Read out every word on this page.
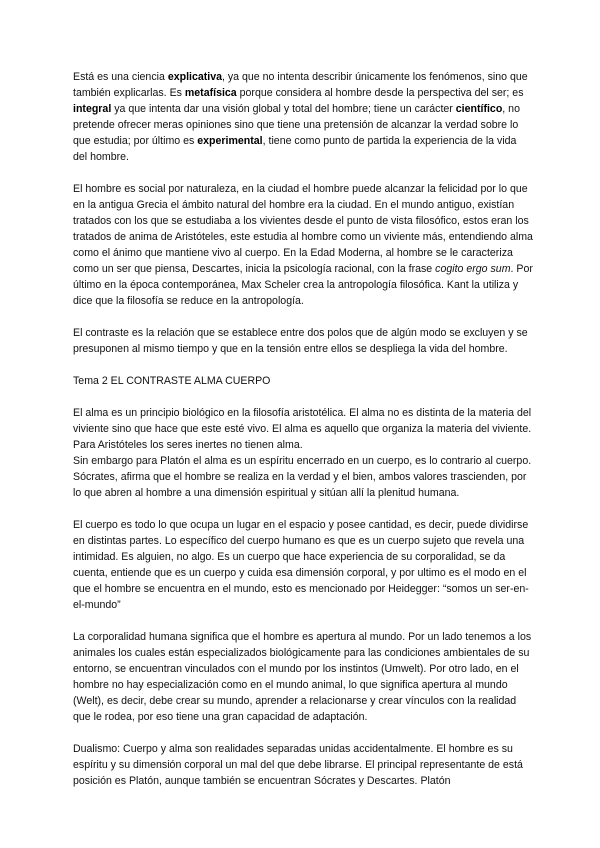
Está es una ciencia explicativa, ya que no intenta describir únicamente los fenómenos, sino que también explicarlas. Es metafísica porque considera al hombre desde la perspectiva del ser; es integral ya que intenta dar una visión global y total del hombre; tiene un carácter científico, no pretende ofrecer meras opiniones sino que tiene una pretensión de alcanzar la verdad sobre lo que estudia; por último es experimental, tiene como punto de partida la experiencia de la vida del hombre.

El hombre es social por naturaleza, en la ciudad el hombre puede alcanzar la felicidad por lo que en la antigua Grecia el ámbito natural del hombre era la ciudad. En el mundo antiguo, existían tratados con los que se estudiaba a los vivientes desde el punto de vista filosófico, estos eran los tratados de anima de Aristóteles, este estudia al hombre como un viviente más, entendiendo alma como el ánimo que mantiene vivo al cuerpo. En la Edad Moderna, al hombre se le caracteriza como un ser que piensa, Descartes, inicia la psicología racional, con la frase cogito ergo sum. Por último en la época contemporánea, Max Scheler crea la antropología filosófica. Kant la utiliza y dice que la filosofía se reduce en la antropología.

El contraste es la relación que se establece entre dos polos que de algún modo se excluyen y se presuponen al mismo tiempo y que en la tensión entre ellos se despliega la vida del hombre.

Tema 2 EL CONTRASTE ALMA CUERPO

El alma es un principio biológico en la filosofía aristotélica. El alma no es distinta de la materia del viviente sino que hace que este esté vivo. El alma es aquello que organiza la materia del viviente. Para Aristóteles los seres inertes no tienen alma.

Sin embargo para Platón el alma es un espíritu encerrado en un cuerpo, es lo contrario al cuerpo. Sócrates, afirma que el hombre se realiza en la verdad y el bien, ambos valores trascienden, por lo que abren al hombre a una dimensión espiritual y sitúan allí la plenitud humana.

El cuerpo es todo lo que ocupa un lugar en el espacio y posee cantidad, es decir, puede dividirse en distintas partes. Lo específico del cuerpo humano es que es un cuerpo sujeto que revela una intimidad. Es alguien, no algo. Es un cuerpo que hace experiencia de su corporalidad, se da cuenta, entiende que es un cuerpo y cuida esa dimensión corporal, y por ultimo es el modo en el que el hombre se encuentra en el mundo, esto es mencionado por Heidegger: “somos un ser-en-el-mundo”

La corporalidad humana significa que el hombre es apertura al mundo. Por un lado tenemos a los animales los cuales están especializados biológicamente para las condiciones ambientales de su entorno, se encuentran vinculados con el mundo por los instintos (Umwelt). Por otro lado, en el hombre no hay especialización como en el mundo animal, lo que significa apertura al mundo (Welt), es decir, debe crear su mundo, aprender a relacionarse y crear vínculos con la realidad que le rodea, por eso tiene una gran capacidad de adaptación.

Dualismo: Cuerpo y alma son realidades separadas unidas accidentalmente. El hombre es su espíritu y su dimensión corporal un mal del que debe librarse. El principal representante de está posición es Platón, aunque también se encuentran Sócrates y Descartes. Platón
